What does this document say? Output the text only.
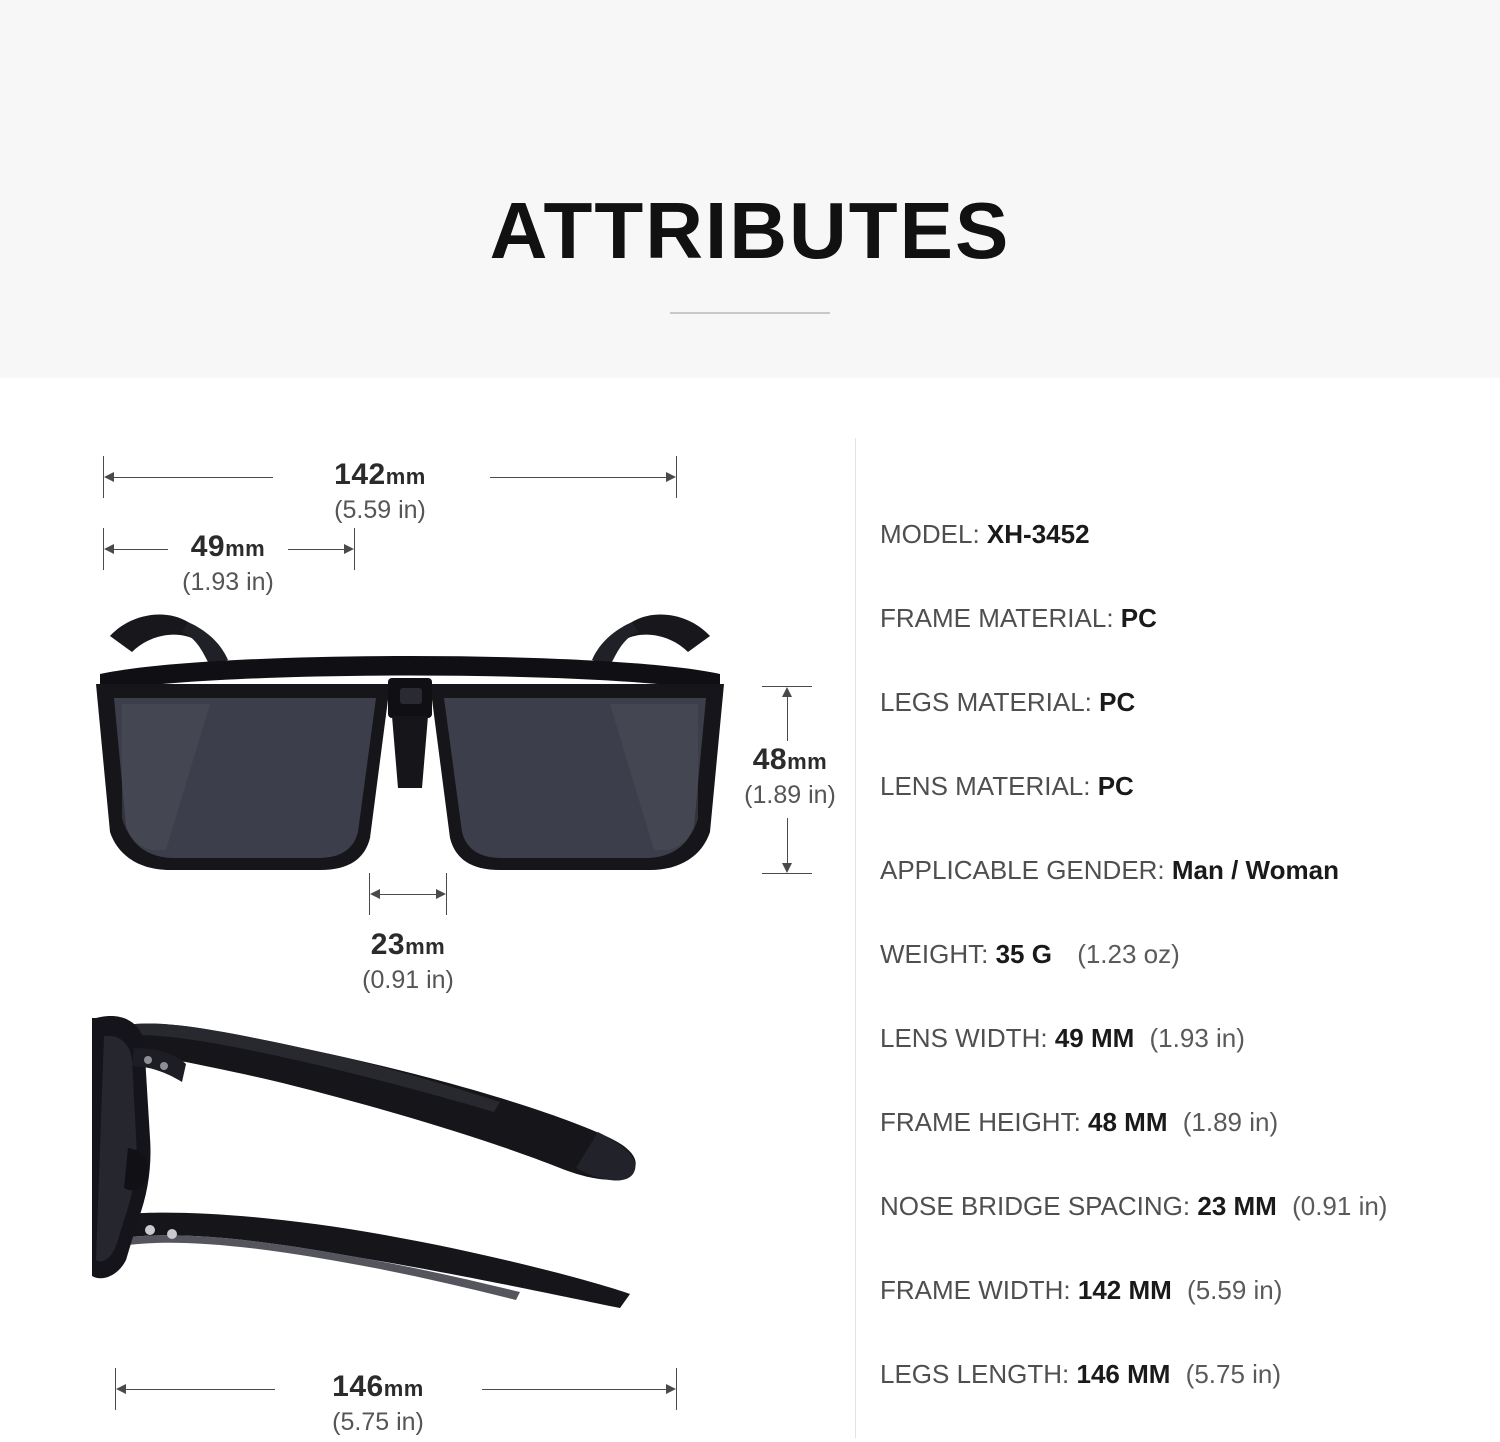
ATTRIBUTES
142mm
(5.59 in)
49mm
(1.93 in)
48mm
(1.89 in)
23mm
(0.91 in)
146mm
(5.75 in)
MODEL: XH-3452
FRAME MATERIAL: PC
LEGS MATERIAL: PC
LENS MATERIAL: PC
APPLICABLE GENDER: Man / Woman
WEIGHT: 35 G (1.23 oz)
LENS WIDTH: 49 MM (1.93 in)
FRAME HEIGHT: 48 MM (1.89 in)
NOSE BRIDGE SPACING: 23 MM (0.91 in)
FRAME WIDTH: 142 MM (5.59 in)
LEGS LENGTH: 146 MM (5.75 in)
